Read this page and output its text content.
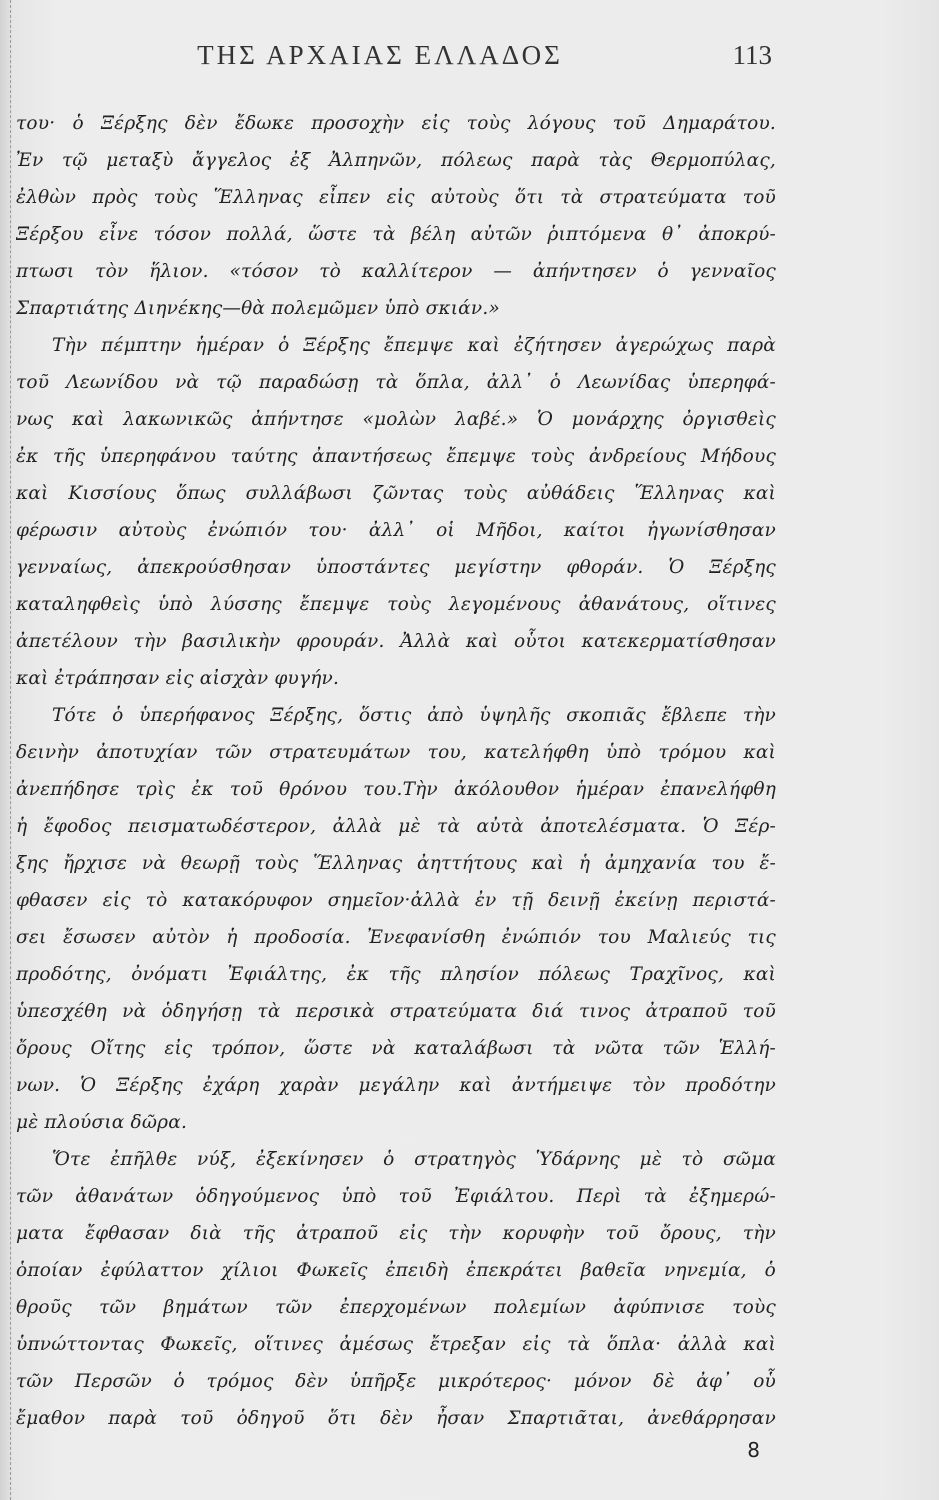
ΤΗΣ ΑΡΧΑΙΑΣ ΕΛΛΑΔΟΣ	113
του· ὁ Ξέρξης δὲν ἔδωκε προσοχὴν εἰς τοὺς λόγους τοῦ Δημαράτου.
Ἐν τῷ μεταξὺ ἄγγελος ἐξ Ἀλπηνῶν, πόλεως παρὰ τὰς Θερμοπύλας,
ἐλθὼν πρὸς τοὺς Ἕλληνας εἶπεν εἰς αὐτοὺς ὅτι τὰ στρατεύματα τοῦ
Ξέρξου εἶνε τόσον πολλά, ὥστε τὰ βέλη αὐτῶν ῥιπτόμενα θ᾽ ἀποκρύ-
πτωσι τὸν ἥλιον. «τόσον τὸ καλλίτερον — ἀπήντησεν ὁ γενναῖος
Σπαρτιάτης Διηνέκης—θὰ πολεμῶμεν ὑπὸ σκιάν.»
Τὴν πέμπτην ἡμέραν ὁ Ξέρξης ἔπεμψε καὶ ἐζήτησεν ἀγερώχως παρὰ
τοῦ Λεωνίδου νὰ τῷ παραδώσῃ τὰ ὅπλα, ἀλλ᾽ ὁ Λεωνίδας ὑπερηφά-
νως καὶ λακωνικῶς ἀπήντησε «μολὼν λαβέ.» Ὁ μονάρχης ὀργισθεὶς
ἐκ τῆς ὑπερηφάνου ταύτης ἀπαντήσεως ἔπεμψε τοὺς ἀνδρείους Μήδους
καὶ Κισσίους ὅπως συλλάβωσι ζῶντας τοὺς αὐθάδεις Ἕλληνας καὶ
φέρωσιν αὐτοὺς ἐνώπιόν του· ἀλλ᾽ οἱ Μῆδοι, καίτοι ἠγωνίσθησαν
γενναίως, ἀπεκρούσθησαν ὑποστάντες μεγίστην φθοράν. Ὁ Ξέρξης
καταληφθεὶς ὑπὸ λύσσης ἔπεμψε τοὺς λεγομένους ἀθανάτους, οἵτινες
ἀπετέλουν τὴν βασιλικὴν φρουράν. Ἀλλὰ καὶ οὗτοι κατεκερματίσθησαν
καὶ ἐτράπησαν εἰς αἰσχὰν φυγήν.
Τότε ὁ ὑπερήφανος Ξέρξης, ὅστις ἀπὸ ὑψηλῆς σκοπιᾶς ἔβλεπε τὴν
δεινὴν ἀποτυχίαν τῶν στρατευμάτων του, κατελήφθη ὑπὸ τρόμου καὶ
ἀνεπήδησε τρὶς ἐκ τοῦ θρόνου του.Τὴν ἀκόλουθον ἡμέραν ἐπανελήφθη
ἡ ἔφοδος πεισματωδέστερον, ἀλλὰ μὲ τὰ αὐτὰ ἀποτελέσματα. Ὁ Ξέρ-
ξης ἤρχισε νὰ θεωρῇ τοὺς Ἕλληνας ἀηττήτους καὶ ἡ ἀμηχανία του ἔ-
φθασεν εἰς τὸ κατακόρυφον σημεῖον·ἀλλὰ ἐν τῇ δεινῇ ἐκείνῃ περιστά-
σει ἔσωσεν αὐτὸν ἡ προδοσία. Ἐνεφανίσθη ἐνώπιόν του Μαλιεύς τις
προδότης, ὀνόματι Ἐφιάλτης, ἐκ τῆς πλησίον πόλεως Τραχῖνος, καὶ
ὑπεσχέθη νὰ ὁδηγήσῃ τὰ περσικὰ στρατεύματα διά τινος ἀτραποῦ τοῦ
ὄρους Οἴτης εἰς τρόπον, ὥστε νὰ καταλάβωσι τὰ νῶτα τῶν Ἑλλή-
νων. Ὁ Ξέρξης ἐχάρη χαρὰν μεγάλην καὶ ἀντήμειψε τὸν προδότην
μὲ πλούσια δῶρα.
Ὅτε ἐπῆλθε νύξ, ἐξεκίνησεν ὁ στρατηγὸς Ὑδάρνης μὲ τὸ σῶμα
τῶν ἀθανάτων ὁδηγούμενος ὑπὸ τοῦ Ἐφιάλτου. Περὶ τὰ ἐξημερώ-
ματα ἔφθασαν διὰ τῆς ἀτραποῦ εἰς τὴν κορυφὴν τοῦ ὄρους, τὴν
ὁποίαν ἐφύλαττον χίλιοι Φωκεῖς ἐπειδὴ ἐπεκράτει βαθεῖα νηνεμία, ὁ
θροῦς τῶν βημάτων τῶν ἐπερχομένων πολεμίων ἀφύπνισε τοὺς
ὑπνώττοντας Φωκεῖς, οἵτινες ἀμέσως ἔτρεξαν εἰς τὰ ὅπλα· ἀλλὰ καὶ
τῶν Περσῶν ὁ τρόμος δὲν ὑπῆρξε μικρότερος· μόνον δὲ ἀφ᾽ οὗ
ἔμαθον παρὰ τοῦ ὁδηγοῦ ὅτι δὲν ἦσαν Σπαρτιᾶται, ἀνεθάρρησαν
8
